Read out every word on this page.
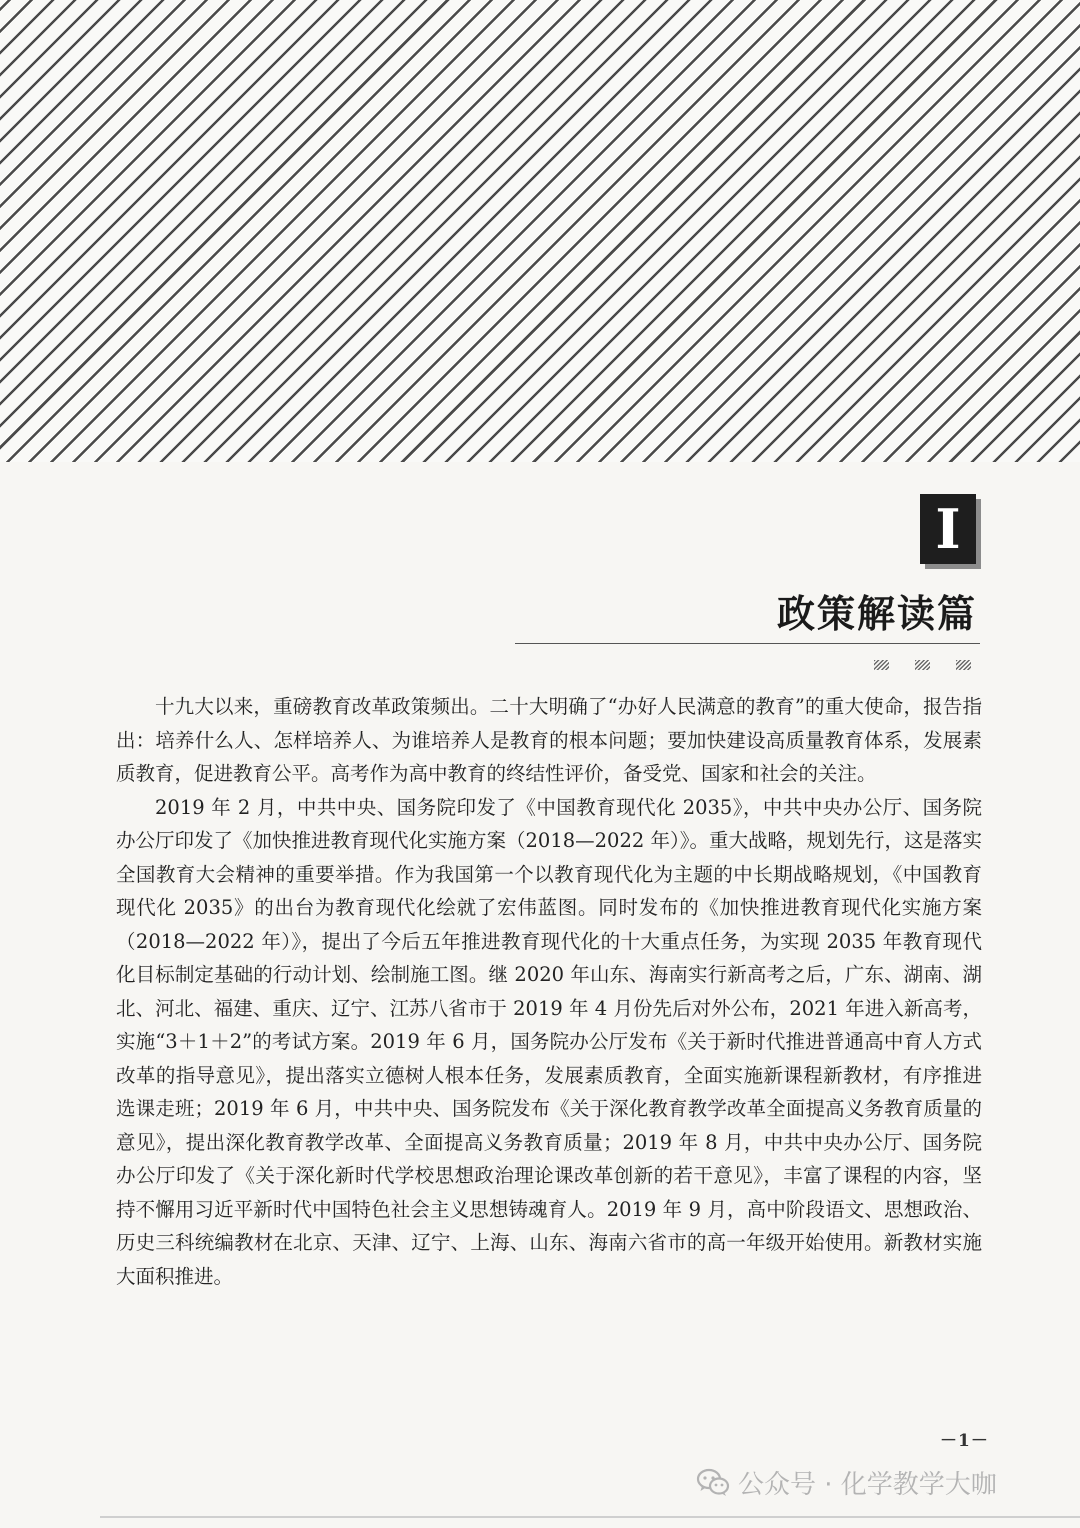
I
政策解读篇

十九大以来，重磅教育改革政策频出。二十大明确了“办好人民满意的教育”的重大使命，报告指出：培养什么人、怎样培养人、为谁培养人是教育的根本问题；要加快建设高质量教育体系，发展素质教育，促进教育公平。高考作为高中教育的终结性评价，备受党、国家和社会的关注。

2019 年 2 月，中共中央、国务院印发了《中国教育现代化 2035》，中共中央办公厅、国务院办公厅印发了《加快推进教育现代化实施方案（2018—2022 年）》。重大战略，规划先行，这是落实全国教育大会精神的重要举措。作为我国第一个以教育现代化为主题的中长期战略规划，《中国教育现代化 2035》的出台为教育现代化绘就了宏伟蓝图。同时发布的《加快推进教育现代化实施方案（2018—2022 年）》，提出了今后五年推进教育现代化的十大重点任务，为实现 2035 年教育现代化目标制定基础的行动计划、绘制施工图。继 2020 年山东、海南实行新高考之后，广东、湖南、湖北、河北、福建、重庆、辽宁、江苏八省市于 2019 年 4 月份先后对外公布，2021 年进入新高考，实施“3＋1＋2”的考试方案。2019 年 6 月，国务院办公厅发布《关于新时代推进普通高中育人方式改革的指导意见》，提出落实立德树人根本任务，发展素质教育，全面实施新课程新教材，有序推进选课走班；2019 年 6 月，中共中央、国务院发布《关于深化教育教学改革全面提高义务教育质量的意见》，提出深化教育教学改革、全面提高义务教育质量；2019 年 8 月，中共中央办公厅、国务院办公厅印发了《关于深化新时代学校思想政治理论课改革创新的若干意见》，丰富了课程的内容，坚持不懈用习近平新时代中国特色社会主义思想铸魂育人。2019 年 9 月，高中阶段语文、思想政治、历史三科统编教材在北京、天津、辽宁、上海、山东、海南六省市的高一年级开始使用。新教材实施大面积推进。

－1－
公众号 · 化学教学大咖
